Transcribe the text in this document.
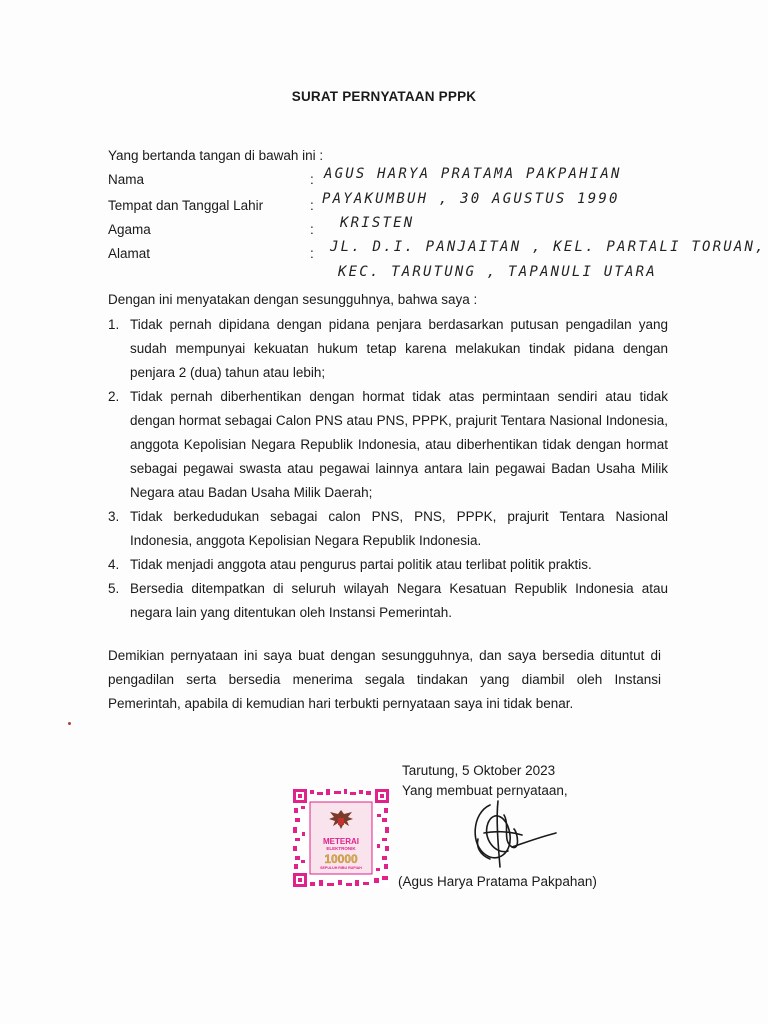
SURAT PERNYATAAN PPPK
Yang bertanda tangan di bawah ini :
Nama	: AGUS HARYA PRATAMA PAKPAHIAN
Tempat dan Tanggal Lahir	: PAYAKUMBUH , 30 AGUSTUS 1990
Agama	: KRISTEN
Alamat	: JL. D.I. PANJAITAN , KEL. PARTALI TORUAN,
KEC. TARUTUNG , TAPANULI UTARA
Dengan ini menyatakan dengan sesungguhnya, bahwa saya :
1. Tidak pernah dipidana dengan pidana penjara berdasarkan putusan pengadilan yang sudah mempunyai kekuatan hukum tetap karena melakukan tindak pidana dengan penjara 2 (dua) tahun atau lebih;
2. Tidak pernah diberhentikan dengan hormat tidak atas permintaan sendiri atau tidak dengan hormat sebagai Calon PNS atau PNS, PPPK, prajurit Tentara Nasional Indonesia, anggota Kepolisian Negara Republik Indonesia, atau diberhentikan tidak dengan hormat sebagai pegawai swasta atau pegawai lainnya antara lain pegawai Badan Usaha Milik Negara atau Badan Usaha Milik Daerah;
3. Tidak berkedudukan sebagai calon PNS, PNS, PPPK, prajurit Tentara Nasional Indonesia, anggota Kepolisian Negara Republik Indonesia.
4. Tidak menjadi anggota atau pengurus partai politik atau terlibat politik praktis.
5. Bersedia ditempatkan di seluruh wilayah Negara Kesatuan Republik Indonesia atau negara lain yang ditentukan oleh Instansi Pemerintah.
Demikian pernyataan ini saya buat dengan sesungguhnya, dan saya bersedia dituntut di pengadilan serta bersedia menerima segala tindakan yang diambil oleh Instansi Pemerintah, apabila di kemudian hari terbukti pernyataan saya ini tidak benar.
Tarutung, 5 Oktober 2023
Yang membuat pernyataan,
METERAI
ELEKTRONIK
10000
SEPULUH RIBU RUPIAH
(Agus Harya Pratama Pakpahan)
